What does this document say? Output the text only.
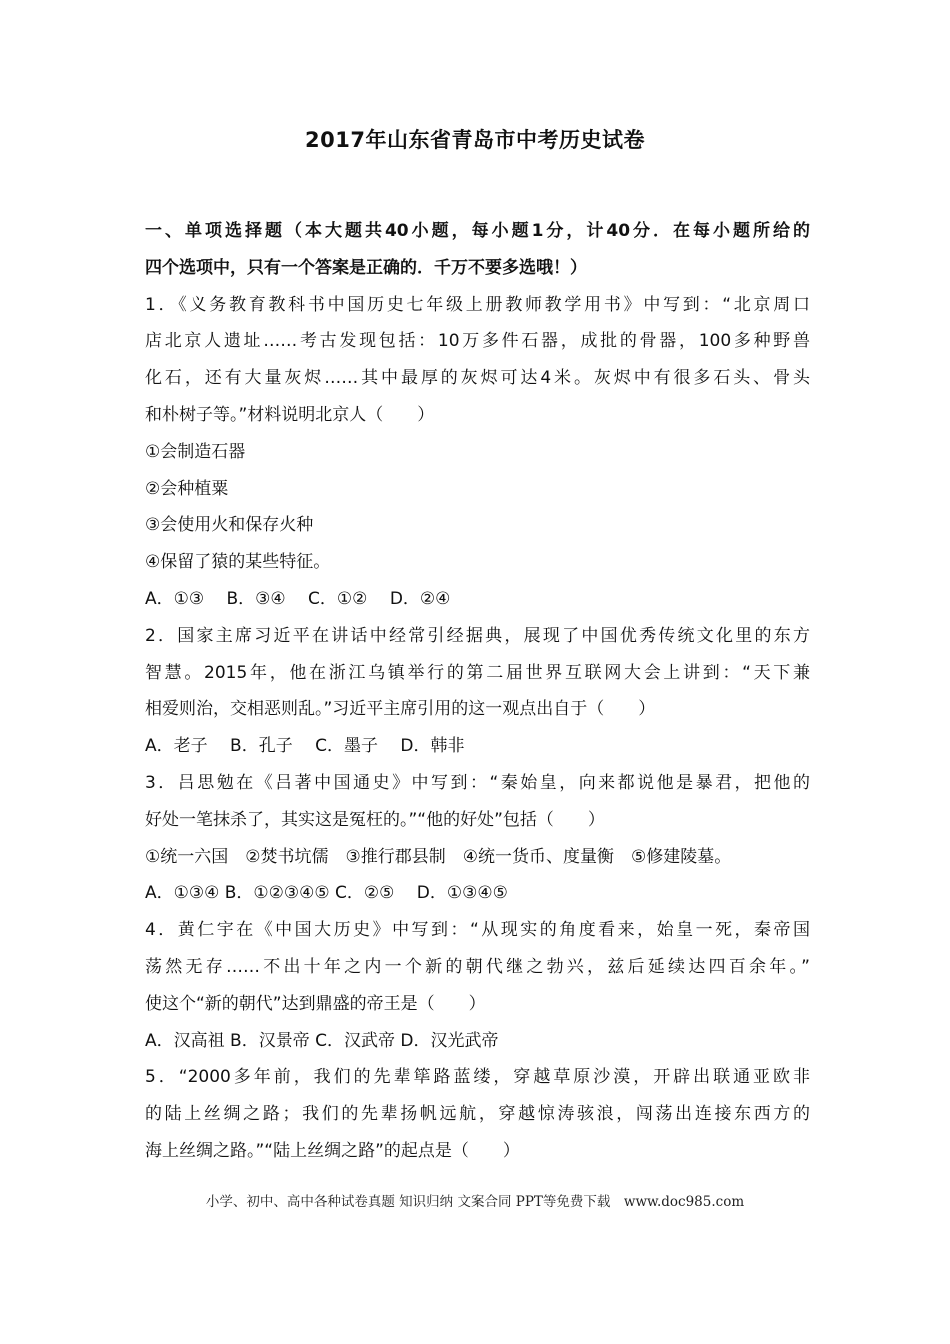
2017年山东省青岛市中考历史试卷

一、单项选择题（本大题共40小题，每小题1分，计40分．在每小题所给的

四个选项中，只有一个答案是正确的．千万不要多选哦！）

1．《义务教育教科书中国历史七年级上册教师教学用书》中写到：“北京周口

店北京人遗址……考古发现包括：10万多件石器，成批的骨器，100多种野兽

化石，还有大量灰烬……其中最厚的灰烬可达4米。灰烬中有很多石头、骨头

和朴树子等。”材料说明北京人（　　）

①会制造石器

②会种植粟

③会使用火和保存火种

④保留了猿的某些特征。

A．①③　 B．③④　 C．①②　 D．②④

2．国家主席习近平在讲话中经常引经据典，展现了中国优秀传统文化里的东方

智慧。2015年，他在浙江乌镇举行的第二届世界互联网大会上讲到：“天下兼

相爱则治，交相恶则乱。”习近平主席引用的这一观点出自于（　　）

A．老子　 B．孔子　 C．墨子　 D．韩非

3．吕思勉在《吕著中国通史》中写到：“秦始皇，向来都说他是暴君，把他的

好处一笔抹杀了，其实这是冤枉的。”“他的好处”包括（　　）

①统一六国　②焚书坑儒　③推行郡县制　④统一货币、度量衡　⑤修建陵墓。

A．①③④ B．①②③④⑤ C．②⑤　 D．①③④⑤

4．黄仁宇在《中国大历史》中写到：“从现实的角度看来，始皇一死，秦帝国

荡然无存……不出十年之内一个新的朝代继之勃兴，兹后延续达四百余年。”

使这个“新的朝代”达到鼎盛的帝王是（　　）

A．汉高祖 B．汉景帝 C．汉武帝 D．汉光武帝

5．“2000多年前，我们的先辈筚路蓝缕，穿越草原沙漠，开辟出联通亚欧非

的陆上丝绸之路；我们的先辈扬帆远航，穿越惊涛骇浪，闯荡出连接东西方的

海上丝绸之路。”“陆上丝绸之路”的起点是（　　）

小学、初中、高中各种试卷真题 知识归纳 文案合同 PPT等免费下载　www.doc985.com
